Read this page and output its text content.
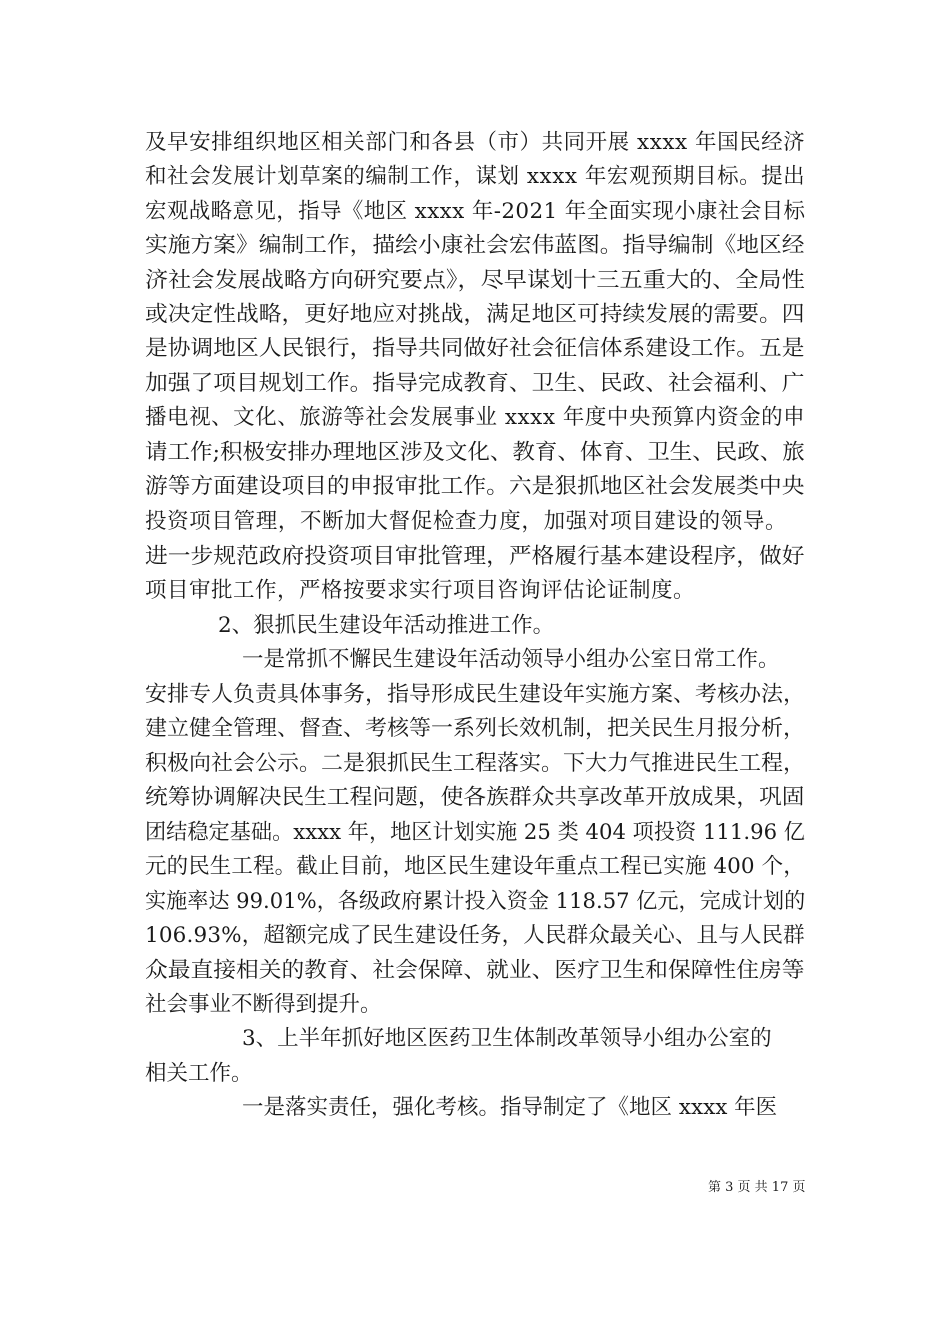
及早安排组织地区相关部门和各县（市）共同开展 xxxx 年国民经济
和社会发展计划草案的编制工作，谋划 xxxx 年宏观预期目标。提出
宏观战略意见，指导《地区 xxxx 年-2021 年全面实现小康社会目标
实施方案》编制工作，描绘小康社会宏伟蓝图。指导编制《地区经
济社会发展战略方向研究要点》，尽早谋划十三五重大的、全局性
或决定性战略，更好地应对挑战，满足地区可持续发展的需要。四
是协调地区人民银行，指导共同做好社会征信体系建设工作。五是
加强了项目规划工作。指导完成教育、卫生、民政、社会福利、广
播电视、文化、旅游等社会发展事业 xxxx 年度中央预算内资金的申
请工作;积极安排办理地区涉及文化、教育、体育、卫生、民政、旅
游等方面建设项目的申报审批工作。六是狠抓地区社会发展类中央
投资项目管理，不断加大督促检查力度，加强对项目建设的领导。
进一步规范政府投资项目审批管理，严格履行基本建设程序，做好
项目审批工作，严格按要求实行项目咨询评估论证制度。
2、狠抓民生建设年活动推进工作。
一是常抓不懈民生建设年活动领导小组办公室日常工作。
安排专人负责具体事务，指导形成民生建设年实施方案、考核办法，
建立健全管理、督查、考核等一系列长效机制，把关民生月报分析，
积极向社会公示。二是狠抓民生工程落实。下大力气推进民生工程，
统筹协调解决民生工程问题，使各族群众共享改革开放成果，巩固
团结稳定基础。xxxx 年，地区计划实施 25 类 404 项投资 111.96 亿
元的民生工程。截止目前，地区民生建设年重点工程已实施 400 个，
实施率达 99.01%，各级政府累计投入资金 118.57 亿元，完成计划的
106.93%，超额完成了民生建设任务，人民群众最关心、且与人民群
众最直接相关的教育、社会保障、就业、医疗卫生和保障性住房等
社会事业不断得到提升。
3、上半年抓好地区医药卫生体制改革领导小组办公室的
相关工作。
一是落实责任，强化考核。指导制定了《地区 xxxx 年医
第 3 页 共 17 页
